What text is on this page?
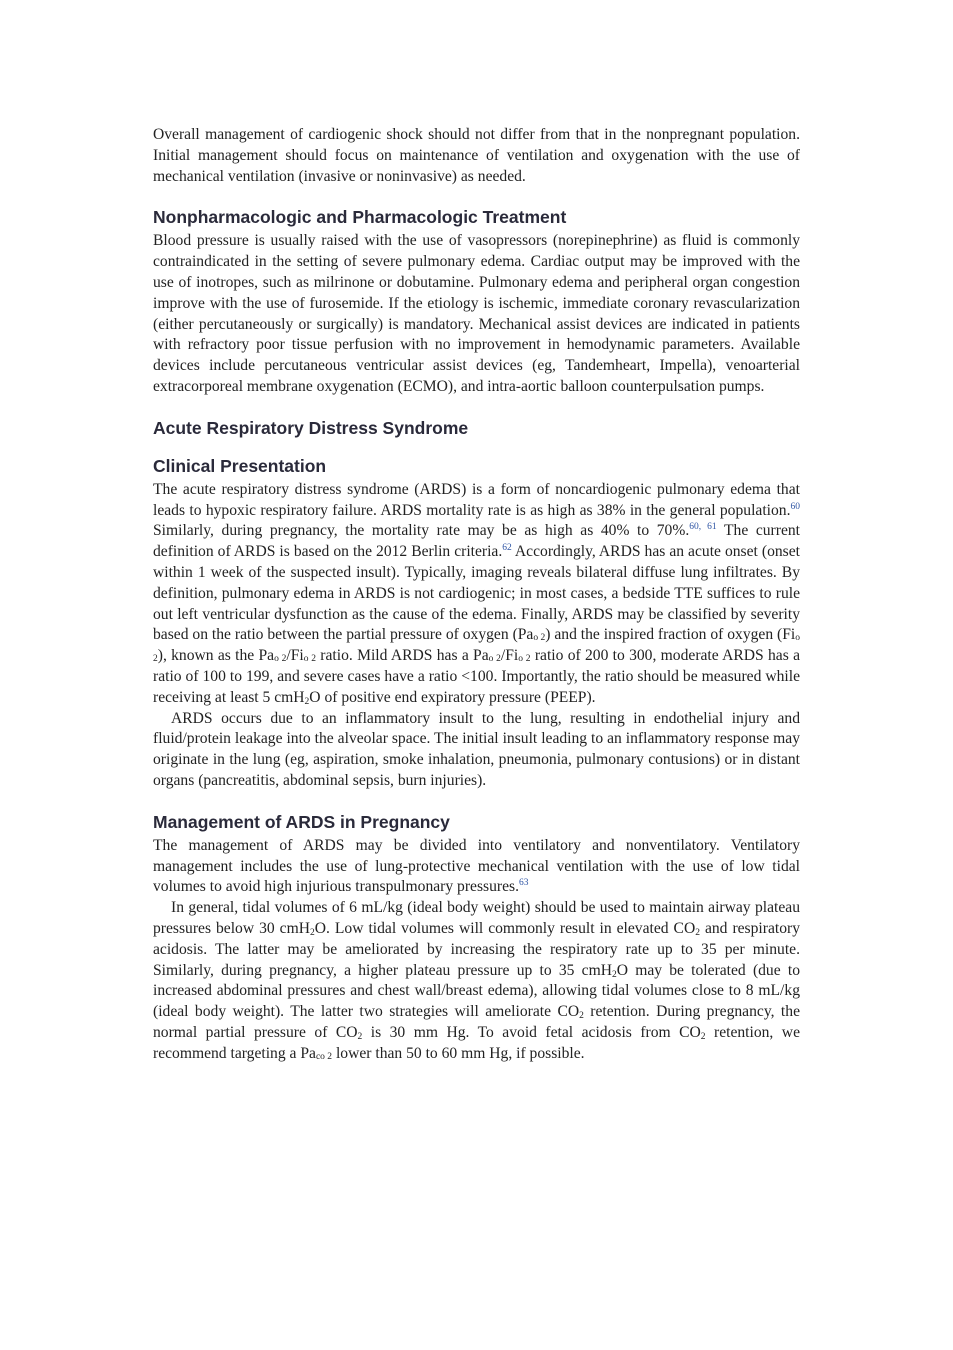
Overall management of cardiogenic shock should not differ from that in the nonpregnant population. Initial management should focus on maintenance of ventilation and oxygenation with the use of mechanical ventilation (invasive or noninvasive) as needed.

Nonpharmacologic and Pharmacologic Treatment

Blood pressure is usually raised with the use of vasopressors (norepinephrine) as fluid is commonly contraindicated in the setting of severe pulmonary edema. Cardiac output may be improved with the use of inotropes, such as milrinone or dobutamine. Pulmonary edema and peripheral organ congestion improve with the use of furosemide. If the etiology is ischemic, immediate coronary revascularization (either percutaneously or surgically) is mandatory. Mechanical assist devices are indicated in patients with refractory poor tissue perfusion with no improvement in hemodynamic parameters. Available devices include percutaneous ventricular assist devices (eg, Tandemheart, Impella), venoarterial extracorporeal membrane oxygenation (ECMO), and intra-aortic balloon counterpulsation pumps.

Acute Respiratory Distress Syndrome
Clinical Presentation

The acute respiratory distress syndrome (ARDS) is a form of noncardiogenic pulmonary edema that leads to hypoxic respiratory failure. ARDS mortality rate is as high as 38% in the general population.$^{60}$ Similarly, during pregnancy, the mortality rate may be as high as 40% to 70%.$^{60, 61}$ The current definition of ARDS is based on the 2012 Berlin criteria.$^{62}$ Accordingly, ARDS has an acute onset (onset within 1 week of the suspected insult). Typically, imaging reveals bilateral diffuse lung infiltrates. By definition, pulmonary edema in ARDS is not cardiogenic; in most cases, a bedside TTE suffices to rule out left ventricular dysfunction as the cause of the edema. Finally, ARDS may be classified by severity based on the ratio between the partial pressure of oxygen $(Pa_{o 2})$ and the inspired fraction of oxygen $(Fi_{o 2})$, known as the $Pa_{o 2}/Fi_{o 2}$ ratio. Mild ARDS has a $Pa_{o 2}/Fi_{o 2}$ ratio of 200 to 300, moderate ARDS has a ratio of 100 to 199, and severe cases have a ratio <100. Importantly, the ratio should be measured while receiving at least 5 cmH$_2$O of positive end expiratory pressure (PEEP).

ARDS occurs due to an inflammatory insult to the lung, resulting in endothelial injury and fluid/protein leakage into the alveolar space. The initial insult leading to an inflammatory response may originate in the lung (eg, aspiration, smoke inhalation, pneumonia, pulmonary contusions) or in distant organs (pancreatitis, abdominal sepsis, burn injuries).

Management of ARDS in Pregnancy

The management of ARDS may be divided into ventilatory and nonventilatory. Ventilatory management includes the use of lung-protective mechanical ventilation with the use of low tidal volumes to avoid high injurious transpulmonary pressures.$^{63}$

In general, tidal volumes of 6 mL/kg (ideal body weight) should be used to maintain airway plateau pressures below 30 cmH$_2$O. Low tidal volumes will commonly result in elevated $CO_2$ and respiratory acidosis. The latter may be ameliorated by increasing the respiratory rate up to 35 per minute. Similarly, during pregnancy, a higher plateau pressure up to 35 cmH$_2$O may be tolerated (due to increased abdominal pressures and chest wall/breast edema), allowing tidal volumes close to 8 mL/kg (ideal body weight). The latter two strategies will ameliorate $CO_2$ retention. During pregnancy, the normal partial pressure of $CO_2$ is 30 mm Hg. To avoid fetal acidosis from $CO_2$ retention, we recommend targeting a $Pa_{co 2}$ lower than 50 to 60 mm Hg, if possible.
